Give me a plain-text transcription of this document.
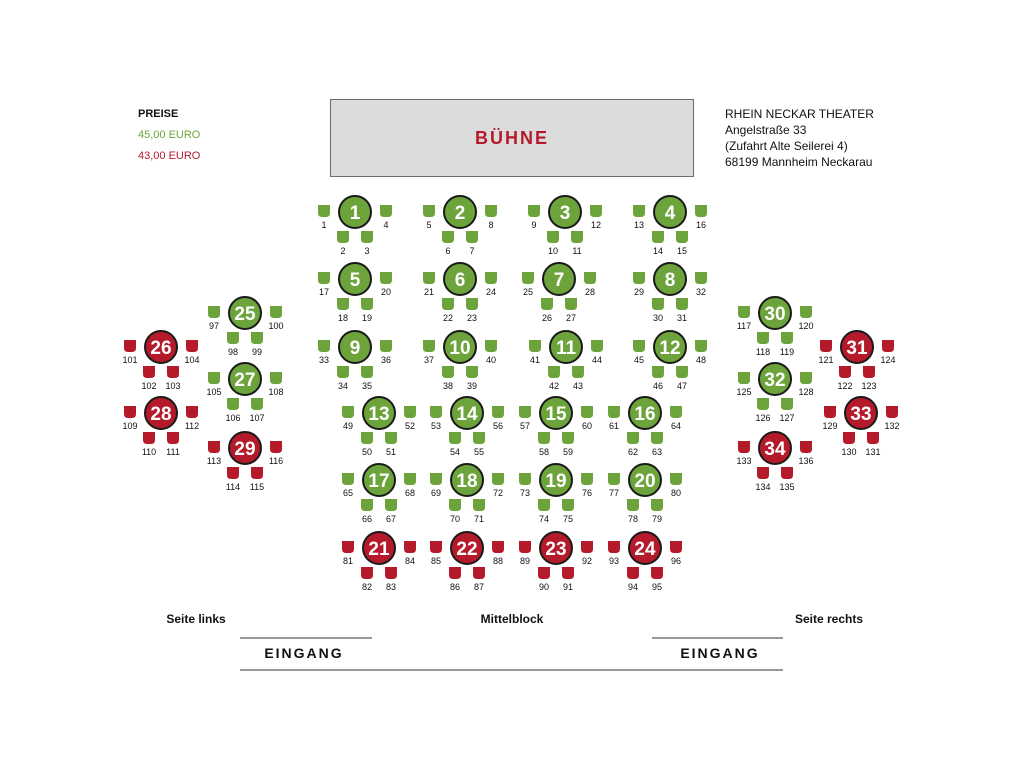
PREISE
45,00 EURO
43,00 EURO
BÜHNE
RHEIN NECKAR THEATER
Angelstraße 33
(Zufahrt Alte Seilerei 4)
68199 Mannheim Neckarau
1
2 3
4
1
5
6 7
8
2
9
10 11
12
3
13
14 15
16
4
17
18 19
20
5
21
22 23
24
6
25
26 27
28
7
29
30 31
32
8
33
34 35
36
9
37
38 39
40
10
41
42 43
44
11
45
46 47
48
12
49
50 51
52
13
53
54 55
56
14
57
58 59
60
15
61
62 63
64
16
65
66 67
68
17
69
70 71
72
18
73
74 75
76
19
77
78 79
80
20
81
82 83
84
21
85
86 87
88
22
89
90 91
92
23
93
94 95
96
24
97
98 99
100
25
101
102 103
104
26
105
106 107
108
27
109
110 111
112
28
113
114 115
116
29
117
118 119
120
30
121
122 123
124
31
125
126 127
128
32
129
130 131
132
33
133
134 135
136
34
Seite links	Mittelblock	Seite rechts
EINGANG	EINGANG
